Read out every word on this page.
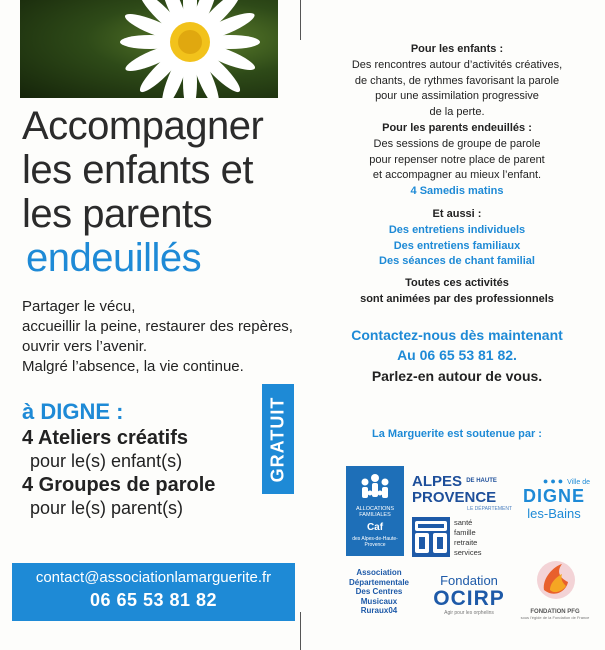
Accompagner
les enfants et
les parents
endeuillés
Partager le vécu,
accueillir la peine, restaurer des repères,
ouvrir vers l’avenir.
Malgré l’absence, la vie continue.
à DIGNE :
4 Ateliers créatifs
pour le(s) enfant(s)
4 Groupes de parole
pour le(s) parent(s)
GRATUIT
contact@associationlamarguerite.fr
06 65 53 81 82
Pour les enfants :
Des rencontres autour d’activités créatives,
de chants, de rythmes favorisant la parole
pour une assimilation progressive
de la perte.
Pour les parents endeuillés :
Des sessions de groupe de parole
pour repenser notre place de parent
et accompagner au mieux l’enfant.
4 Samedis matins
Et aussi :
Des entretiens individuels
Des entretiens familiaux
Des séances de chant familial
Toutes ces activités
sont animées par des professionnels
Contactez-nous dès maintenant
Au 06 65 53 81 82.
Parlez-en autour de vous.
La Marguerite est soutenue par :
ALLOCATIONS FAMILIALES
Caf
des Alpes-de-Haute-Provence
ALPES $^{DE HAUTE}$
PROVENCE
LE DÉPARTEMENT
●●● Ville de
DIGNE
les-Bains
santé
famille
retraite
services
Association
Départementale
Des Centres
Musicaux
Ruraux04
Fondation
OCIRP
Agir pour les orphelins	FONDATION PFG
sous l'égide de la Fondation de France
